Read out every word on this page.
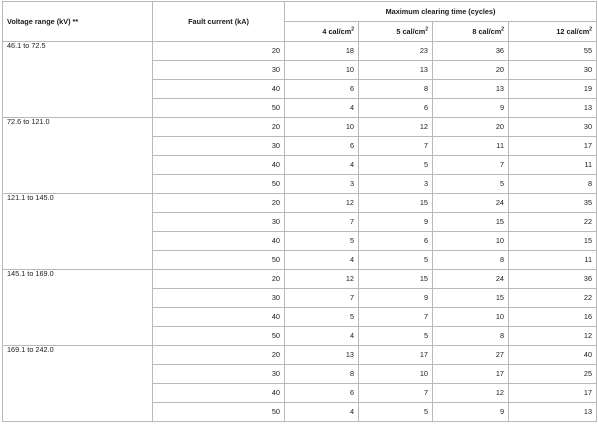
Voltage range (kV) **	Fault current (kA)	Maximum clearing time (cycles)			
		4 cal/$cm^2$	5 cal/$cm^2$	8 cal/$cm^2$	12 cal/$cm^2$
46.1 to 72.5	20	18	23	36	55
	30	10	13	20	30
	40	6	8	13	19
	50	4	6	9	13
72.6 to 121.0	20	10	12	20	30
	30	6	7	11	17
	40	4	5	7	11
	50	3	3	5	8
121.1 to 145.0	20	12	15	24	35
	30	7	9	15	22
	40	5	6	10	15
	50	4	5	8	11
145.1 to 169.0	20	12	15	24	36
	30	7	9	15	22
	40	5	7	10	16
	50	4	5	8	12
169.1 to 242.0	20	13	17	27	40
	30	8	10	17	25
	40	6	7	12	17
	50	4	5	9	13
